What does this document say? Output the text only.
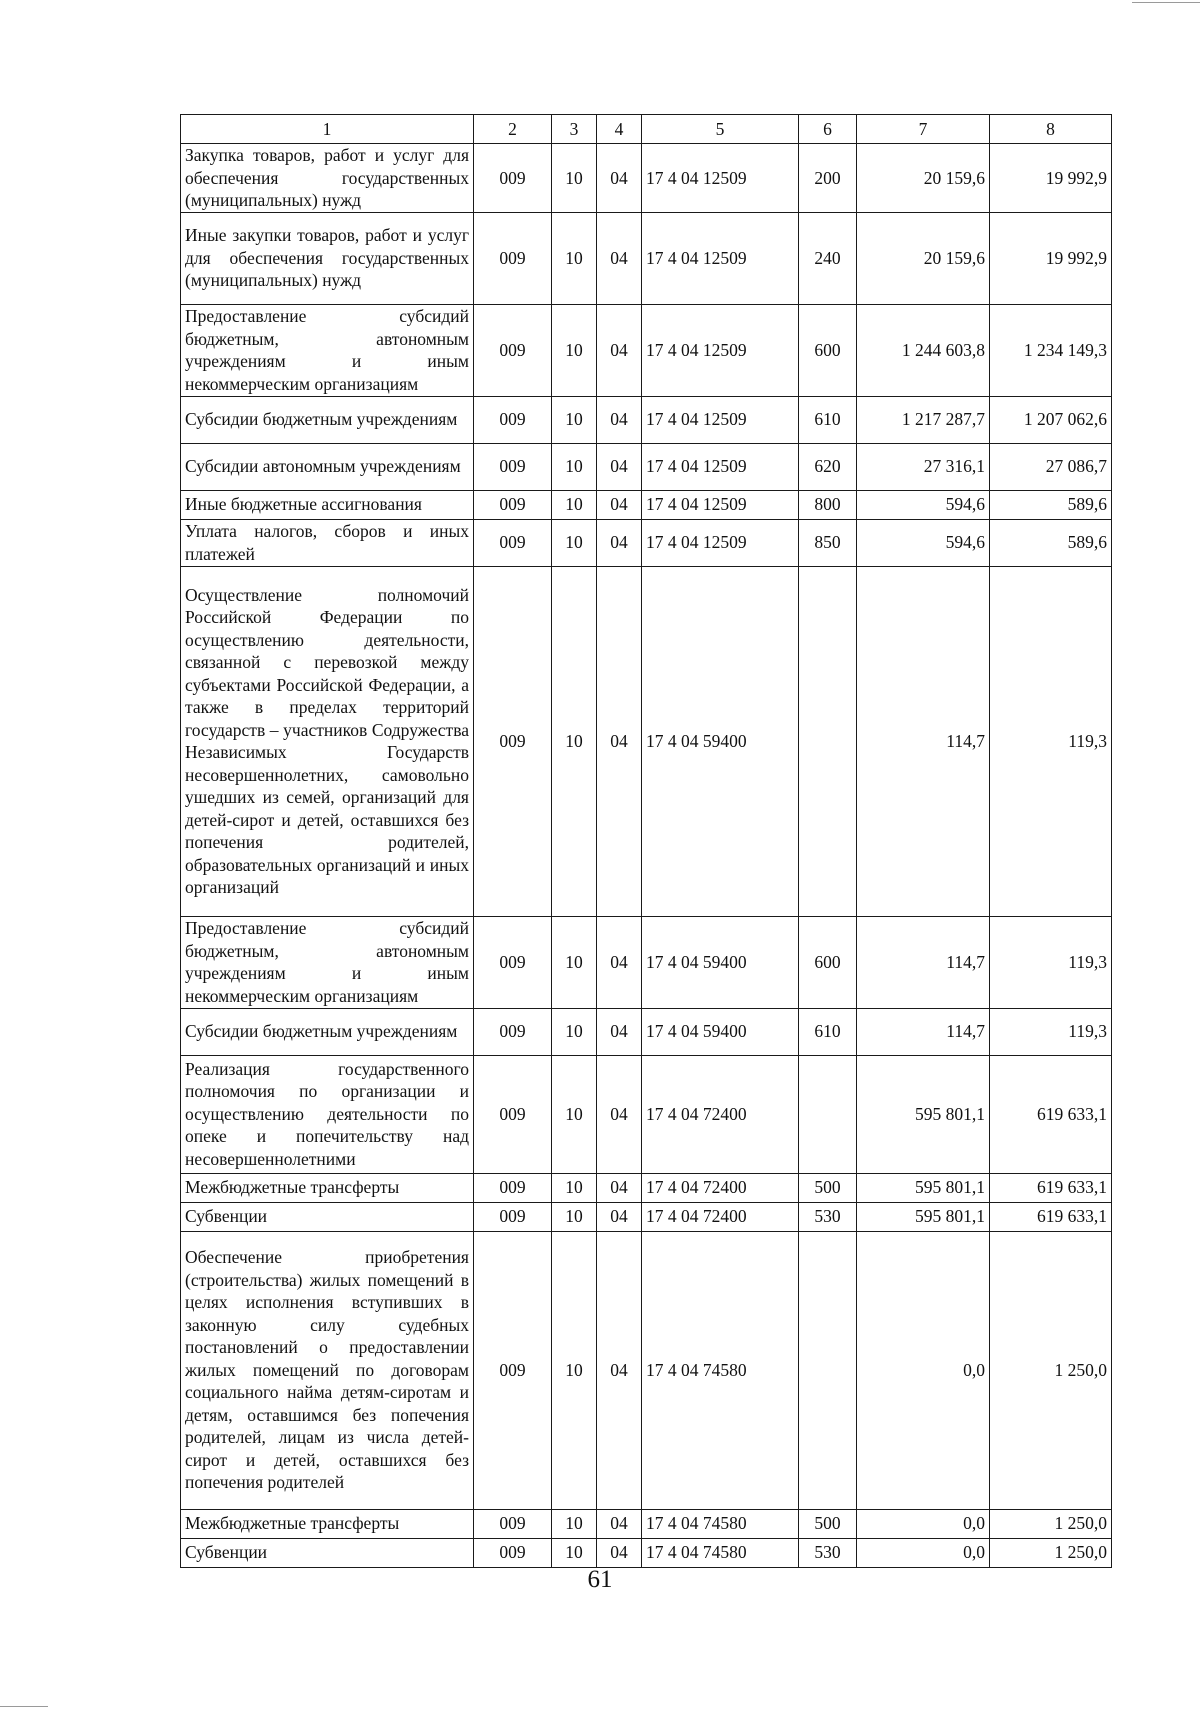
1	2	3	4	5	6	7	8
Закупка товаров, работ и услуг для обеспечения государственных (муниципальных) нужд	009	10	04	17 4 04 12509	200	20 159,6	19 992,9
Иные закупки товаров, работ и услуг для обеспечения государственных (муниципальных) нужд	009	10	04	17 4 04 12509	240	20 159,6	19 992,9
Предоставление субсидий бюджетным, автономным учреждениям и иным некоммерческим организациям	009	10	04	17 4 04 12509	600	1 244 603,8	1 234 149,3
Субсидии бюджетным учреждениям	009	10	04	17 4 04 12509	610	1 217 287,7	1 207 062,6
Субсидии автономным учреждениям	009	10	04	17 4 04 12509	620	27 316,1	27 086,7
Иные бюджетные ассигнования	009	10	04	17 4 04 12509	800	594,6	589,6
Уплата налогов, сборов и иных платежей	009	10	04	17 4 04 12509	850	594,6	589,6
Осуществление полномочий Российской Федерации по осуществлению деятельности, связанной с перевозкой между субъектами Российской Федерации, а также в пределах территорий государств – участников Содружества Независимых Государств несовершеннолетних, самовольно ушедших из семей, организаций для детей-сирот и детей, оставшихся без попечения родителей, образовательных организаций и иных организаций	009	10	04	17 4 04 59400		114,7	119,3
Предоставление субсидий бюджетным, автономным учреждениям и иным некоммерческим организациям	009	10	04	17 4 04 59400	600	114,7	119,3
Субсидии бюджетным учреждениям	009	10	04	17 4 04 59400	610	114,7	119,3
Реализация государственного полномочия по организации и осуществлению деятельности по опеке и попечительству над несовершеннолетними	009	10	04	17 4 04 72400		595 801,1	619 633,1
Межбюджетные трансферты	009	10	04	17 4 04 72400	500	595 801,1	619 633,1
Субвенции	009	10	04	17 4 04 72400	530	595 801,1	619 633,1
Обеспечение приобретения (строительства) жилых помещений в целях исполнения вступивших в законную силу судебных постановлений о предоставлении жилых помещений по договорам социального найма детям-сиротам и детям, оставшимся без попечения родителей, лицам из числа детей-сирот и детей, оставшихся без попечения родителей	009	10	04	17 4 04 74580		0,0	1 250,0
Межбюджетные трансферты	009	10	04	17 4 04 74580	500	0,0	1 250,0
Субвенции	009	10	04	17 4 04 74580	530	0,0	1 250,0
61
